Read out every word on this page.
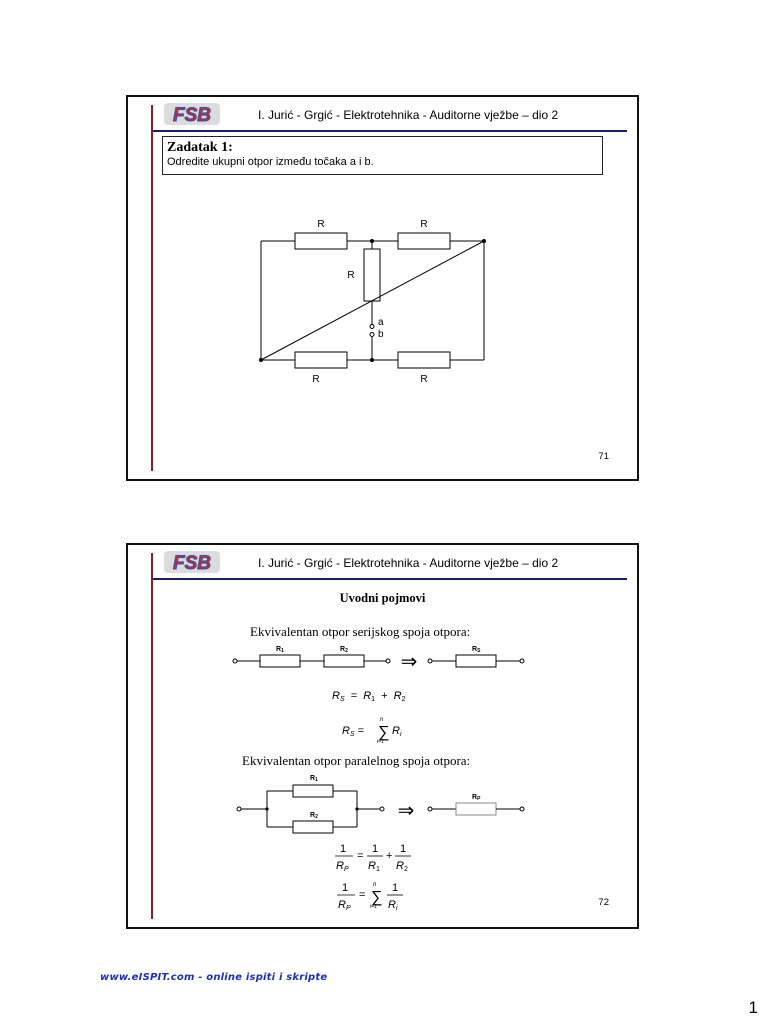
FSB	I. Jurić - Grgić - Elektrotehnika - Auditorne vježbe – dio 2
Zadatak 1:
Odredite ukupni otpor između točaka a i b.
R	R
R
R	R
a
b
71
FSB	I. Jurić - Grgić - Elektrotehnika - Auditorne vježbe – dio 2
Uvodni pojmovi
Ekvivalentan otpor serijskog spoja otpora:
⇒
R1	R2	RS
RS = R1 + R2
RS = ∑
n
i=1
Ri
Ekvivalentan otpor paralelnog spoja otpora:
⇒
R1
R2
RP
1
RP
=
1
R1
+
1
R2
1
RP
= ∑
n
i=1
1
Ri
72
www.eISPIT.com - online ispiti i skripte
1
